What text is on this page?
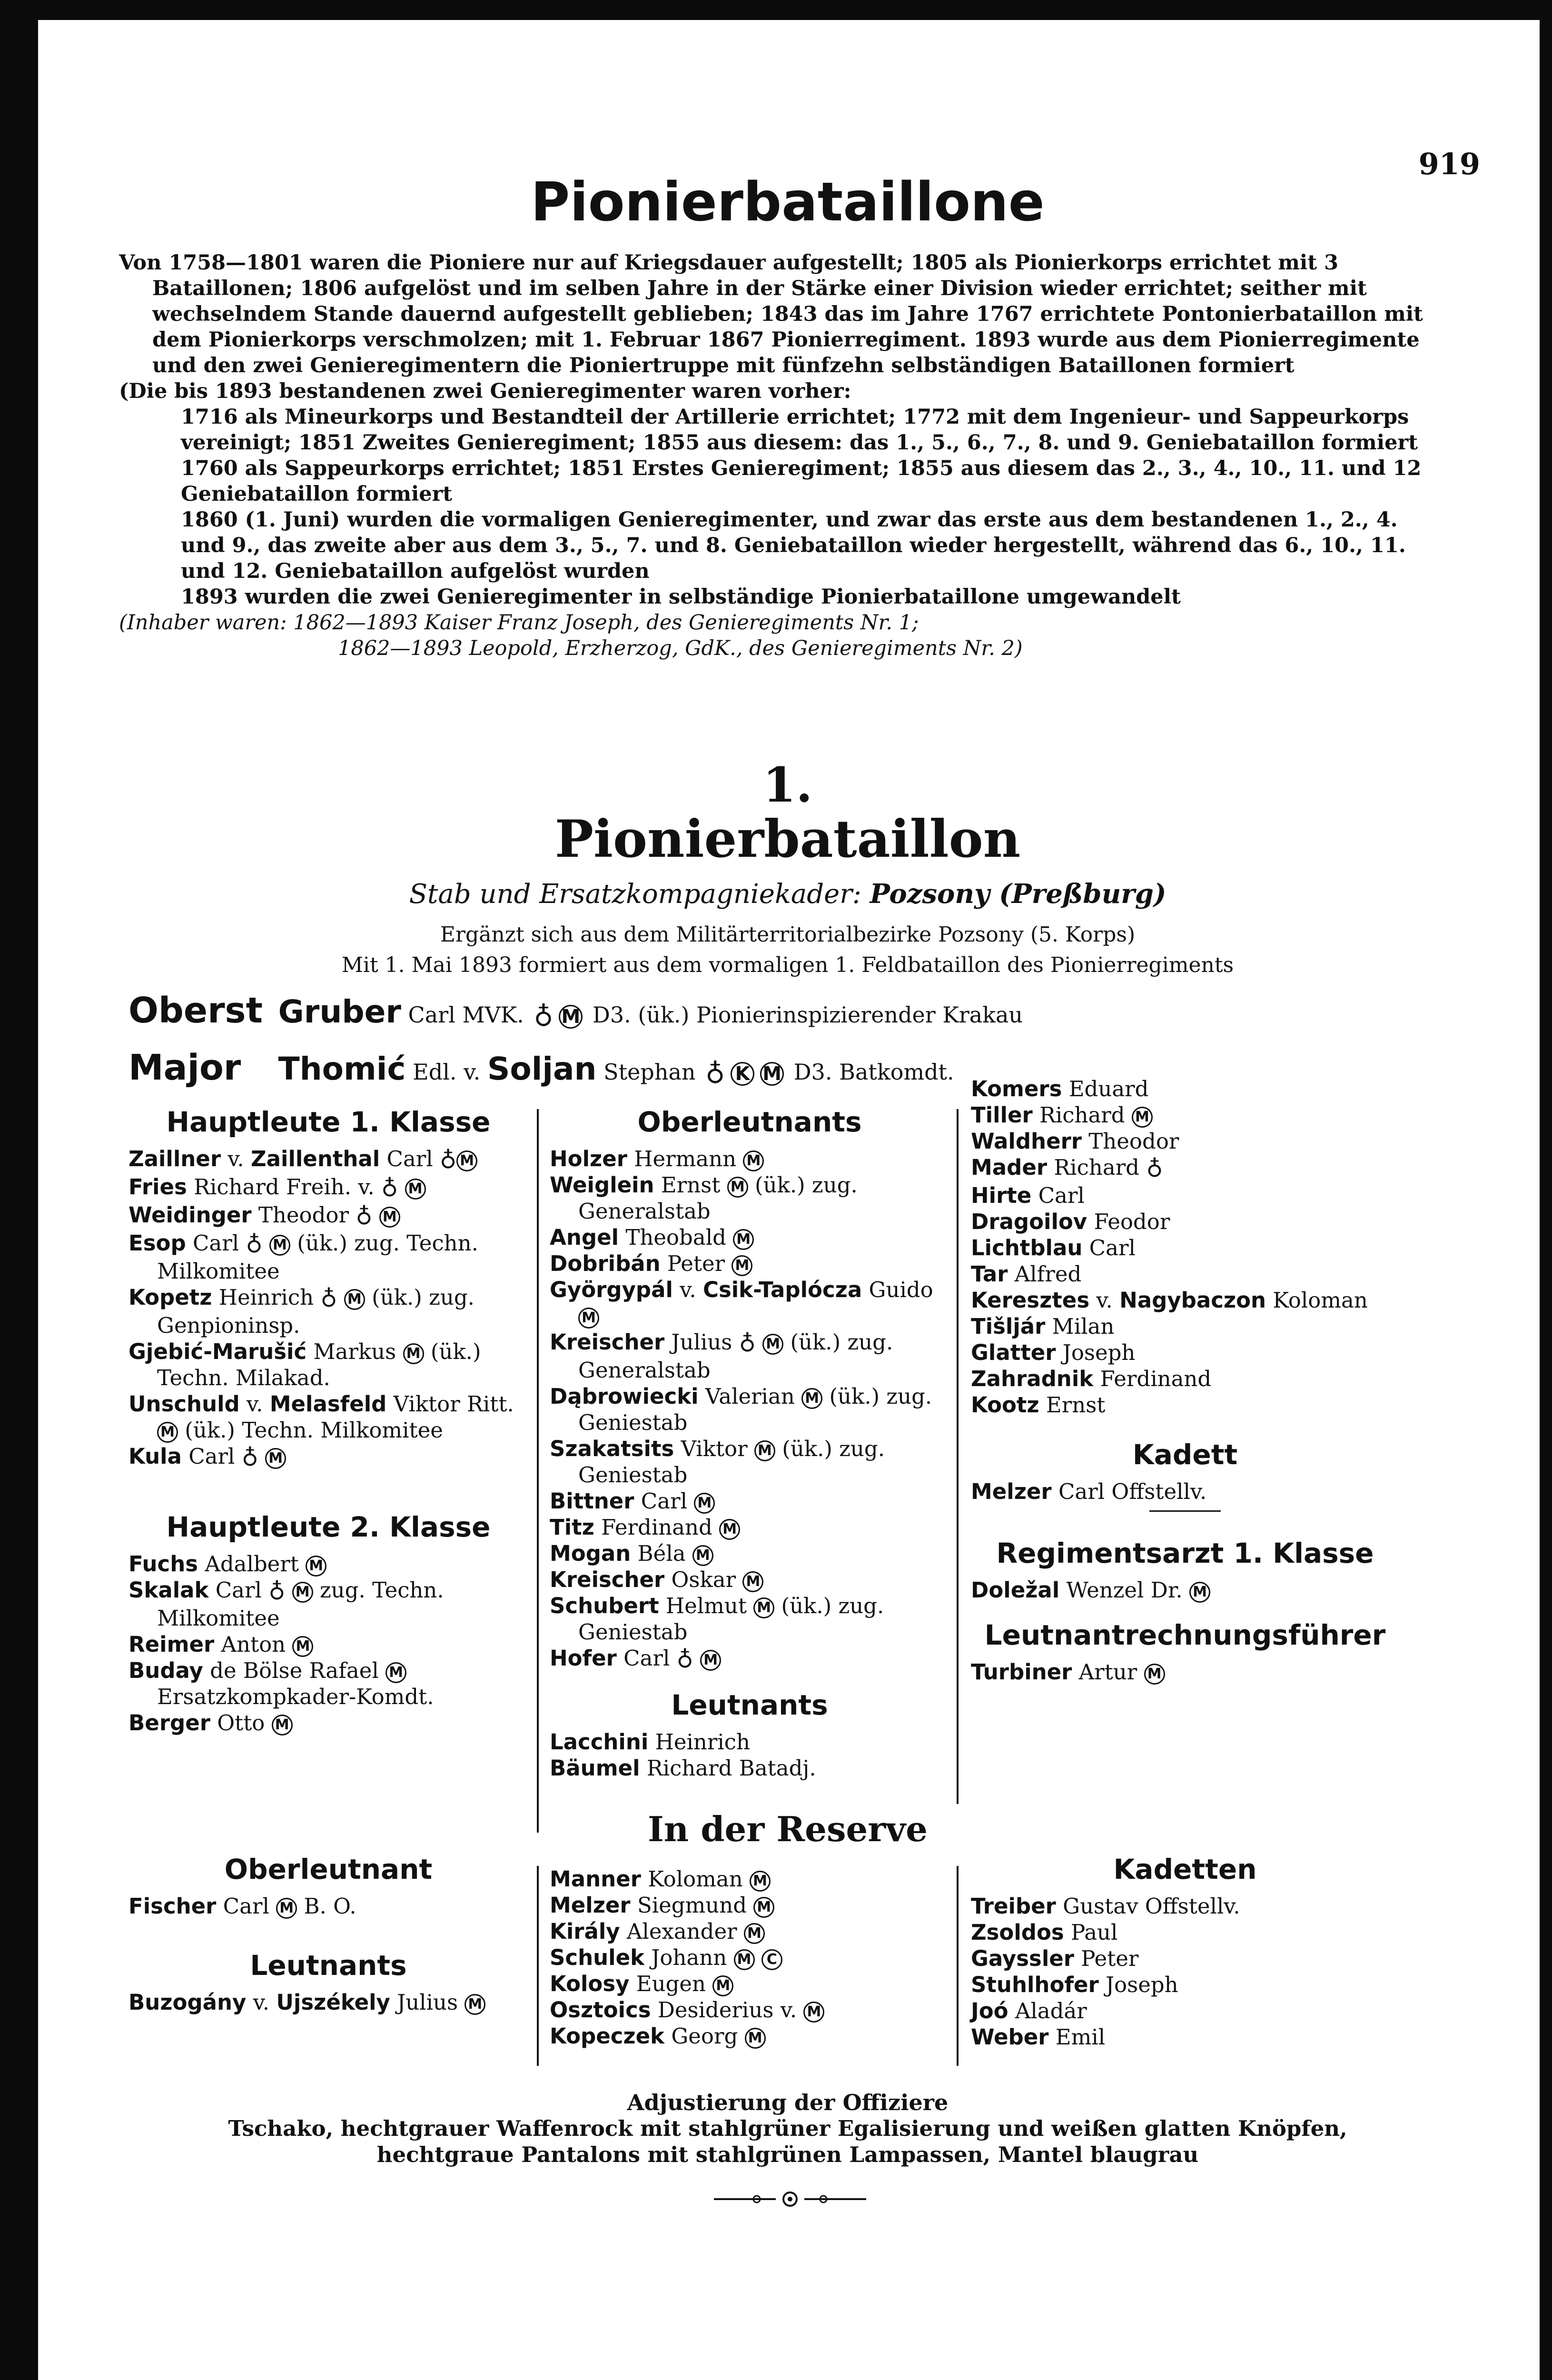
919
Pionierbataillone

Von 1758—1801 waren die Pioniere nur auf Kriegsdauer aufgestellt; 1805 als Pionierkorps errichtet mit 3 Bataillonen; 1806 aufgelöst und im selben Jahre in der Stärke einer Division wieder errichtet; seither mit wechselndem Stande dauernd aufgestellt geblieben; 1843 das im Jahre 1767 errichtete Pontonierbataillon mit dem Pionierkorps verschmolzen; mit 1. Februar 1867 Pionierregiment. 1893 wurde aus dem Pionierregimente und den zwei Genieregimentern die Pioniertruppe mit fünfzehn selbständigen Bataillonen formiert

(Die bis 1893 bestandenen zwei Genieregimenter waren vorher:

1716 als Mineurkorps und Bestandteil der Artillerie errichtet; 1772 mit dem Ingenieur- und Sappeurkorps vereinigt; 1851 Zweites Genieregiment; 1855 aus diesem: das 1., 5., 6., 7., 8. und 9. Geniebataillon formiert

1760 als Sappeurkorps errichtet; 1851 Erstes Genieregiment; 1855 aus diesem das 2., 3., 4., 10., 11. und 12 Geniebataillon formiert

1860 (1. Juni) wurden die vormaligen Genieregimenter, und zwar das erste aus dem bestandenen 1., 2., 4. und 9., das zweite aber aus dem 3., 5., 7. und 8. Geniebataillon wieder hergestellt, während das 6., 10., 11. und 12. Geniebataillon aufgelöst wurden

1893 wurden die zwei Genieregimenter in selbständige Pionierbataillone umgewandelt

(Inhaber waren: 1862—1893 Kaiser Franz Joseph, des Genieregiments Nr. 1;

1862—1893 Leopold, Erzherzog, GdK., des Genieregiments Nr. 2)

1.
Pionierbataillon
Stab und Ersatzkompagniekader: Pozsony (Preßburg)
Ergänzt sich aus dem Militärterritorialbezirke Pozsony (5. Korps)
Mit 1. Mai 1893 formiert aus dem vormaligen 1. Feldbataillon des Pionierregiments
Oberst Gruber Carl MVK. ♁ M D3. (ük.) Pionierinspizierender Krakau
Major Thomić Edl. v. Soljan Stephan ♁ K M D3. Batkomdt.
Hauptleute 1. Klasse

Zaillner v. Zaillenthal Carl ♁ M

Fries Richard Freih. v. ♁ M

Weidinger Theodor ♁ M

Esop Carl ♁ M (ük.) zug. Techn. Milkomitee

Kopetz Heinrich ♁ M (ük.) zug. Genpioninsp.

Gjebić-Marušić Markus M (ük.) Techn. Milakad.

Unschuld v. Melasfeld Viktor Ritt. M (ük.) Techn. Milkomitee

Kula Carl ♁ M

Hauptleute 2. Klasse

Fuchs Adalbert M

Skalak Carl ♁ M zug. Techn. Milkomitee

Reimer Anton M

Buday de Bölse Rafael M Ersatzkompkader-Komdt.

Berger Otto M

Oberleutnants

Holzer Hermann M

Weiglein Ernst M (ük.) zug. Generalstab

Angel Theobald M

Dobribán Peter M

Györgypál v. Csik-Taplócza Guido M

Kreischer Julius ♁ M (ük.) zug. Generalstab

Dąbrowiecki Valerian M (ük.) zug. Geniestab

Szakatsits Viktor M (ük.) zug. Geniestab

Bittner Carl M

Titz Ferdinand M

Mogan Béla M

Kreischer Oskar M

Schubert Helmut M (ük.) zug. Geniestab

Hofer Carl ♁ M

Leutnants

Lacchini Heinrich

Bäumel Richard Batadj.

Komers Eduard

Tiller Richard M

Waldherr Theodor

Mader Richard ♁

Hirte Carl

Dragoilov Feodor

Lichtblau Carl

Tar Alfred

Keresztes v. Nagybaczon Koloman

Tišljár Milan

Glatter Joseph

Zahradnik Ferdinand

Kootz Ernst

Kadett

Melzer Carl Offstellv.

Regimentsarzt 1. Klasse

Doležal Wenzel Dr. M

Leutnantrechnungsführer

Turbiner Artur M

In der Reserve
Oberleutnant

Fischer Carl M B. O.

Leutnants

Buzogány v. Ujszékely Julius M

Manner Koloman M

Melzer Siegmund M

Király Alexander M

Schulek Johann M C

Kolosy Eugen M

Osztoics Desiderius v. M

Kopeczek Georg M

Kadetten

Treiber Gustav Offstellv.

Zsoldos Paul

Gayssler Peter

Stuhlhofer Joseph

Joó Aladár

Weber Emil

Adjustierung der Offiziere
Tschako, hechtgrauer Waffenrock mit stahlgrüner Egalisierung und weißen glatten Knöpfen,
hechtgraue Pantalons mit stahlgrünen Lampassen, Mantel blaugrau
